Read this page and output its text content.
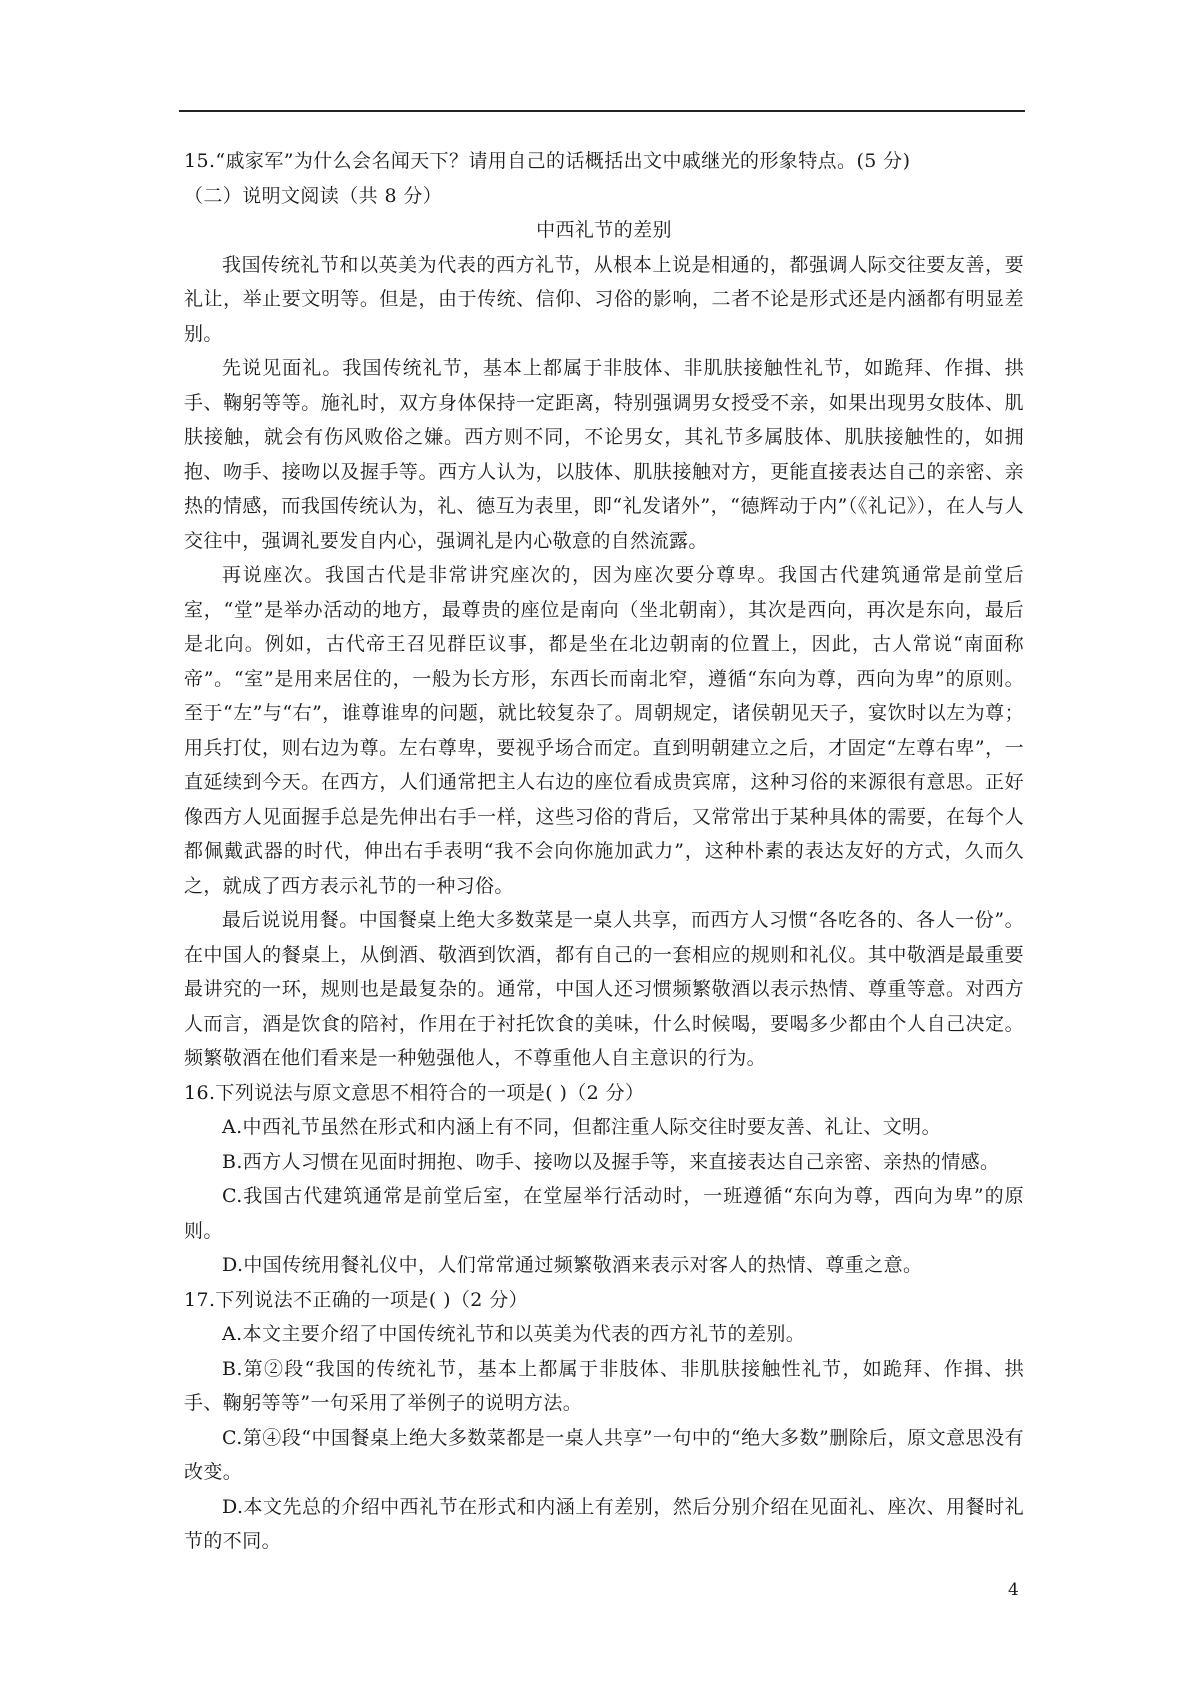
15.“戚家军”为什么会名闻天下？请用自己的话概括出文中戚继光的形象特点。(5 分)

（二）说明文阅读（共 8 分）

中西礼节的差别

我国传统礼节和以英美为代表的西方礼节，从根本上说是相通的，都强调人际交往要友善，要礼让，举止要文明等。但是，由于传统、信仰、习俗的影响，二者不论是形式还是内涵都有明显差别。

先说见面礼。我国传统礼节，基本上都属于非肢体、非肌肤接触性礼节，如跪拜、作揖、拱手、鞠躬等等。施礼时，双方身体保持一定距离，特别强调男女授受不亲，如果出现男女肢体、肌肤接触，就会有伤风败俗之嫌。西方则不同，不论男女，其礼节多属肢体、肌肤接触性的，如拥抱、吻手、接吻以及握手等。西方人认为，以肢体、肌肤接触对方，更能直接表达自己的亲密、亲热的情感，而我国传统认为，礼、德互为表里，即“礼发诸外”，“德辉动于内”（《礼记》），在人与人交往中，强调礼要发自内心，强调礼是内心敬意的自然流露。

再说座次。我国古代是非常讲究座次的，因为座次要分尊卑。我国古代建筑通常是前堂后室，“堂”是举办活动的地方，最尊贵的座位是南向（坐北朝南），其次是西向，再次是东向，最后是北向。例如，古代帝王召见群臣议事，都是坐在北边朝南的位置上，因此，古人常说“南面称帝”。“室”是用来居住的，一般为长方形，东西长而南北窄，遵循“东向为尊，西向为卑”的原则。至于“左”与“右”，谁尊谁卑的问题，就比较复杂了。周朝规定，诸侯朝见天子，宴饮时以左为尊；用兵打仗，则右边为尊。左右尊卑，要视乎场合而定。直到明朝建立之后，才固定“左尊右卑”，一直延续到今天。在西方，人们通常把主人右边的座位看成贵宾席，这种习俗的来源很有意思。正好像西方人见面握手总是先伸出右手一样，这些习俗的背后，又常常出于某种具体的需要，在每个人都佩戴武器的时代，伸出右手表明“我不会向你施加武力”，这种朴素的表达友好的方式，久而久之，就成了西方表示礼节的一种习俗。

最后说说用餐。中国餐桌上绝大多数菜是一桌人共享，而西方人习惯“各吃各的、各人一份”。在中国人的餐桌上，从倒酒、敬酒到饮酒，都有自己的一套相应的规则和礼仪。其中敬酒是最重要最讲究的一环，规则也是最复杂的。通常，中国人还习惯频繁敬酒以表示热情、尊重等意。对西方人而言，酒是饮食的陪衬，作用在于衬托饮食的美味，什么时候喝，要喝多少都由个人自己决定。频繁敬酒在他们看来是一种勉强他人，不尊重他人自主意识的行为。

16.下列说法与原文意思不相符合的一项是( )（2 分）

A.中西礼节虽然在形式和内涵上有不同，但都注重人际交往时要友善、礼让、文明。

B.西方人习惯在见面时拥抱、吻手、接吻以及握手等，来直接表达自己亲密、亲热的情感。

C.我国古代建筑通常是前堂后室，在堂屋举行活动时，一班遵循“东向为尊，西向为卑”的原则。

D.中国传统用餐礼仪中，人们常常通过频繁敬酒来表示对客人的热情、尊重之意。

17.下列说法不正确的一项是( )（2 分）

A.本文主要介绍了中国传统礼节和以英美为代表的西方礼节的差别。

B.第②段“我国的传统礼节，基本上都属于非肢体、非肌肤接触性礼节，如跪拜、作揖、拱手、鞠躬等等”一句采用了举例子的说明方法。

C.第④段“中国餐桌上绝大多数菜都是一桌人共享”一句中的“绝大多数”删除后，原文意思没有改变。

D.本文先总的介绍中西礼节在形式和内涵上有差别，然后分别介绍在见面礼、座次、用餐时礼节的不同。

4
